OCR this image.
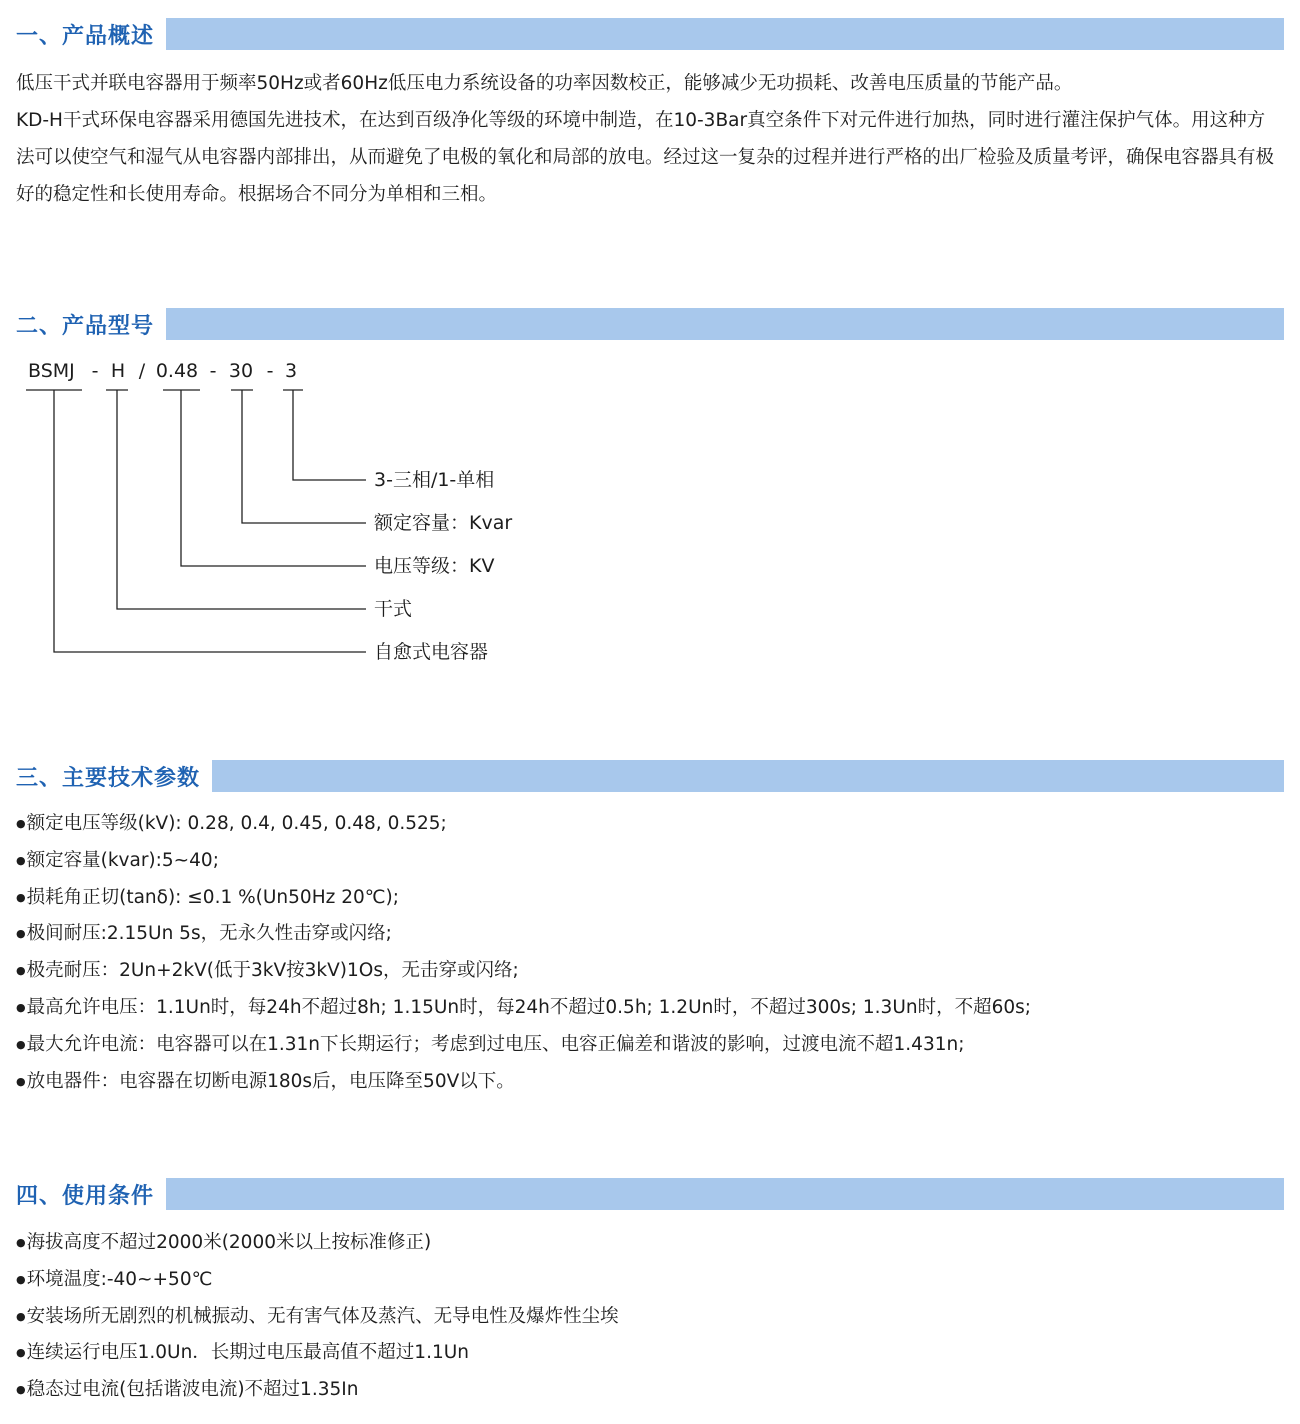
一、产品概述

低压干式并联电容器用于频率50Hz或者60Hz低压电力系统设备的功率因数校正，能够减少无功损耗、改善电压质量的节能产品。

KD-H干式环保电容器采用德国先进技术，在达到百级净化等级的环境中制造，在10-3Bar真空条件下对元件进行加热，同时进行灌注保护气体。用这种方法可以使空气和湿气从电容器内部排出，从而避免了电极的氧化和局部的放电。经过这一复杂的过程并进行严格的出厂检验及质量考评，确保电容器具有极好的稳定性和长使用寿命。根据场合不同分为单相和三相。

二、产品型号
BSMJ - H / 0.48 - 30 - 3
3-三相/1-单相
额定容量：Kvar
电压等级：KV
干式
自愈式电容器
三、主要技术参数
● 额定电压等级(kV): 0.28, 0.4, 0.45, 0.48, 0.525;
● 额定容量(kvar):5~40;
● 损耗角正切(tanδ): ≤0.1 %(Un50Hz 20℃);
● 极间耐压:2.15Un 5s，无永久性击穿或闪络;
● 极壳耐压：2Un+2kV(低于3kV按3kV)1Os，无击穿或闪络;
● 最高允许电压：1.1Un时，每24h不超过8h; 1.15Un时，每24h不超过0.5h; 1.2Un时，不超过300s; 1.3Un时，不超60s;
● 最大允许电流：电容器可以在1.31n下长期运行；考虑到过电压、电容正偏差和谐波的影响，过渡电流不超1.431n;
● 放电器件：电容器在切断电源180s后，电压降至50V以下。
四、使用条件
● 海拔高度不超过2000米(2000米以上按标准修正)
● 环境温度:-40~+50℃
● 安装场所无剧烈的机械振动、无有害气体及蒸汽、无导电性及爆炸性尘埃
● 连续运行电压1.0Un．长期过电压最高值不超过1.1Un
● 稳态过电流(包括谐波电流)不超过1.35In
